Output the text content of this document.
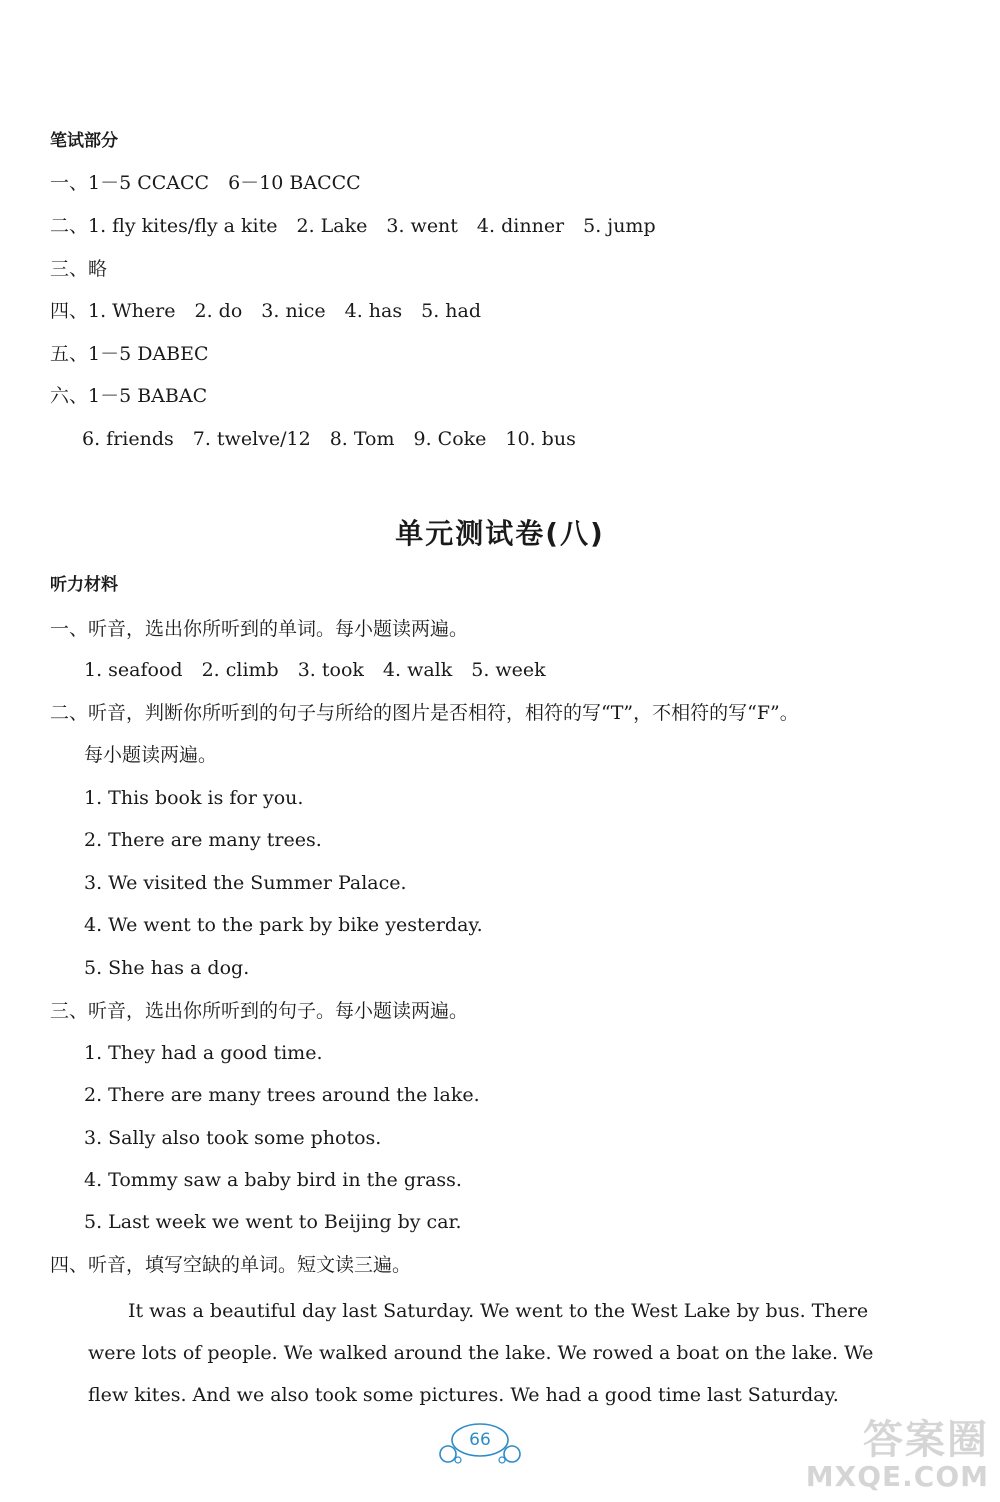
笔试部分
一、1－5 CCACC　6－10 BACCC
二、1. fly kites/fly a kite　2. Lake　3. went　4. dinner　5. jump
三、略
四、1. Where　2. do　3. nice　4. has　5. had
五、1－5 DABEC
六、1－5 BABAC
6. friends　7. twelve/12　8. Tom　9. Coke　10. bus
单元测试卷(八)
听力材料
一、听音，选出你所听到的单词。每小题读两遍。
1. seafood　2. climb　3. took　4. walk　5. week
二、听音，判断你所听到的句子与所给的图片是否相符，相符的写“T”，不相符的写“F”。
每小题读两遍。
1. This book is for you.
2. There are many trees.
3. We visited the Summer Palace.
4. We went to the park by bike yesterday.
5. She has a dog.
三、听音，选出你所听到的句子。每小题读两遍。
1. They had a good time.
2. There are many trees around the lake.
3. Sally also took some photos.
4. Tommy saw a baby bird in the grass.
5. Last week we went to Beijing by car.
四、听音，填写空缺的单词。短文读三遍。
It was a beautiful day last Saturday. We went to the West Lake by bus. There were lots of people. We walked around the lake. We rowed a boat on the lake. We flew kites. And we also took some pictures. We had a good time last Saturday.
66	答案圈
MXQE.COM
